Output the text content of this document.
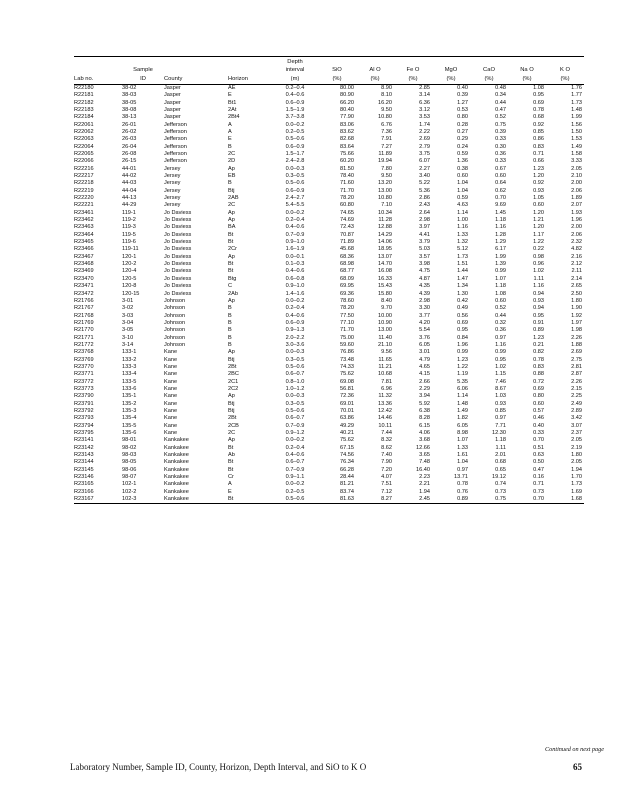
				Depth							
	Sample			interval	SiO	Al O	Fe O	MgO	CaO	Na O	K O
Lab no.	ID	County	Horizon	(m)	(%)	(%)	(%)	(%)	(%)	(%)	(%)
R22180	38-02	Jasper	AE	0.2–0.4	80.00	8.90	2.85	0.40	0.48	1.08	1.76
R22181	38-03	Jasper	E	0.4–0.6	80.90	8.10	3.14	0.39	0.34	0.95	1.77
R22182	38-05	Jasper	Bt1	0.6–0.9	66.20	16.20	6.36	1.27	0.44	0.69	1.73
R22183	38-08	Jasper	2At	1.5–1.9	80.40	9.50	3.12	0.53	0.47	0.78	1.48
R22184	38-13	Jasper	2Bt4	3.7–3.8	77.90	10.80	3.53	0.80	0.52	0.68	1.99
R22061	26-01	Jefferson	A	0.0–0.2	83.06	6.76	1.74	0.28	0.75	0.92	1.56
R22062	26-02	Jefferson	A	0.2–0.5	83.62	7.36	2.22	0.27	0.39	0.85	1.50
R22063	26-03	Jefferson	E	0.5–0.6	82.68	7.91	2.69	0.29	0.33	0.86	1.53
R22064	26-04	Jefferson	B	0.6–0.9	83.64	7.27	2.79	0.24	0.30	0.83	1.49
R22065	26-08	Jefferson	2C	1.5–1.7	75.66	11.89	3.75	0.59	0.36	0.71	1.58
R22066	26-15	Jefferson	2D	2.4–2.8	60.20	19.94	6.07	1.36	0.33	0.66	3.33
R22216	44-01	Jersey	Ap	0.0–0.3	81.50	7.80	2.27	0.38	0.67	1.23	2.05
R22217	44-02	Jersey	EB	0.3–0.5	78.40	9.50	3.40	0.60	0.60	1.20	2.10
R22218	44-03	Jersey	B	0.5–0.6	71.60	13.20	5.22	1.04	0.64	0.92	2.00
R22219	44-04	Jersey	Btj	0.6–0.9	71.70	13.00	5.36	1.04	0.62	0.93	2.06
R22220	44-13	Jersey	2AB	2.4–2.7	78.20	10.80	2.86	0.59	0.70	1.05	1.89
R22221	44-29	Jersey	2C	5.4–5.5	60.80	7.10	2.43	4.63	9.69	0.60	2.07
R23461	119-1	Jo Daviess	Ap	0.0–0.2	74.65	10.34	2.64	1.14	1.45	1.20	1.93
R23462	119-2	Jo Daviess	Ap	0.2–0.4	74.69	11.28	2.98	1.00	1.18	1.21	1.96
R23463	119-3	Jo Daviess	BA	0.4–0.6	72.43	12.88	3.97	1.16	1.16	1.20	2.00
R23464	119-5	Jo Daviess	Bt	0.7–0.9	70.87	14.29	4.41	1.33	1.28	1.17	2.06
R23465	119-6	Jo Daviess	Bt	0.9–1.0	71.89	14.06	3.79	1.32	1.29	1.22	2.32
R23466	119-11	Jo Daviess	2Cr	1.6–1.9	45.68	18.95	5.03	5.12	6.17	0.22	4.82
R23467	120-1	Jo Daviess	Ap	0.0–0.1	68.36	13.07	3.57	1.73	1.99	0.98	2.16
R23468	120-2	Jo Daviess	Bt	0.1–0.3	68.98	14.70	3.98	1.51	1.39	0.96	2.12
R23469	120-4	Jo Daviess	Bt	0.4–0.6	68.77	16.08	4.75	1.44	0.99	1.02	2.11
R23470	120-5	Jo Daviess	Btg	0.6–0.8	68.09	16.33	4.87	1.47	1.07	1.11	2.14
R23471	120-8	Jo Daviess	C	0.9–1.0	69.95	15.43	4.35	1.34	1.18	1.16	2.65
R23472	120-15	Jo Daviess	2Ab	1.4–1.6	69.36	15.80	4.39	1.30	1.08	0.94	2.50
R21766	3-01	Johnson	Ap	0.0–0.2	78.60	8.40	2.98	0.42	0.60	0.93	1.80
R21767	3-02	Johnson	B	0.2–0.4	78.20	9.70	3.30	0.49	0.52	0.94	1.90
R21768	3-03	Johnson	B	0.4–0.6	77.50	10.00	3.77	0.56	0.44	0.95	1.92
R21769	3-04	Johnson	B	0.6–0.9	77.10	10.90	4.20	0.69	0.32	0.91	1.97
R21770	3-05	Johnson	B	0.9–1.3	71.70	13.00	5.54	0.95	0.36	0.89	1.98
R21771	3-10	Johnson	B	2.0–2.2	75.00	11.40	3.76	0.84	0.97	1.23	2.26
R21772	3-14	Johnson	B	3.0–3.6	59.60	21.10	6.05	1.96	1.16	0.21	1.88
R23768	133-1	Kane	Ap	0.0–0.3	76.86	9.56	3.01	0.99	0.99	0.82	2.69
R23769	133-2	Kane	Btj	0.3–0.5	73.48	11.65	4.79	1.23	0.95	0.78	2.75
R23770	133-3	Kane	2Bt	0.5–0.6	74.33	11.21	4.65	1.22	1.02	0.83	2.81
R23771	133-4	Kane	2BC	0.6–0.7	75.62	10.68	4.15	1.19	1.15	0.88	2.87
R23772	133-5	Kane	2C1	0.8–1.0	69.08	7.81	2.66	5.35	7.46	0.72	2.26
R23773	133-6	Kane	2C2	1.0–1.2	56.81	6.96	2.29	6.06	8.67	0.69	2.15
R23790	135-1	Kane	Ap	0.0–0.3	72.36	11.32	3.94	1.14	1.03	0.80	2.25
R23791	135-2	Kane	Btj	0.3–0.5	69.01	13.36	5.92	1.48	0.93	0.60	2.49
R23792	135-3	Kane	Btj	0.5–0.6	70.01	12.42	6.38	1.49	0.85	0.57	2.89
R23793	135-4	Kane	2Bt	0.6–0.7	63.86	14.46	8.28	1.82	0.97	0.46	3.42
R23794	135-5	Kane	2CB	0.7–0.9	49.29	10.11	6.15	6.05	7.71	0.40	3.07
R23795	135-6	Kane	2C	0.9–1.2	40.21	7.44	4.06	8.98	12.30	0.33	2.37
R23141	98-01	Kankakee	Ap	0.0–0.2	75.62	8.32	3.68	1.07	1.18	0.70	2.05
R23142	98-02	Kankakee	Bt	0.2–0.4	67.15	8.62	12.66	1.33	1.11	0.51	2.19
R23143	98-03	Kankakee	Ab	0.4–0.6	74.56	7.40	3.65	1.61	2.01	0.63	1.80
R23144	98-05	Kankakee	Bt	0.6–0.7	76.34	7.90	7.48	1.04	0.68	0.50	2.05
R23145	98-06	Kankakee	Bt	0.7–0.9	66.28	7.20	16.40	0.97	0.65	0.47	1.94
R23146	98-07	Kankakee	Cr	0.9–1.1	28.44	4.07	2.23	13.71	19.12	0.16	1.70
R23165	102-1	Kankakee	A	0.0–0.2	81.21	7.51	2.21	0.78	0.74	0.71	1.73
R23166	102-2	Kankakee	E	0.2–0.5	83.74	7.12	1.94	0.76	0.73	0.73	1.69
R23167	102-3	Kankakee	Bt	0.5–0.6	81.63	8.27	2.45	0.89	0.75	0.70	1.68
Continued on next page
Laboratory Number, Sample ID, County, Horizon, Depth Interval, and SiO to K O	65
